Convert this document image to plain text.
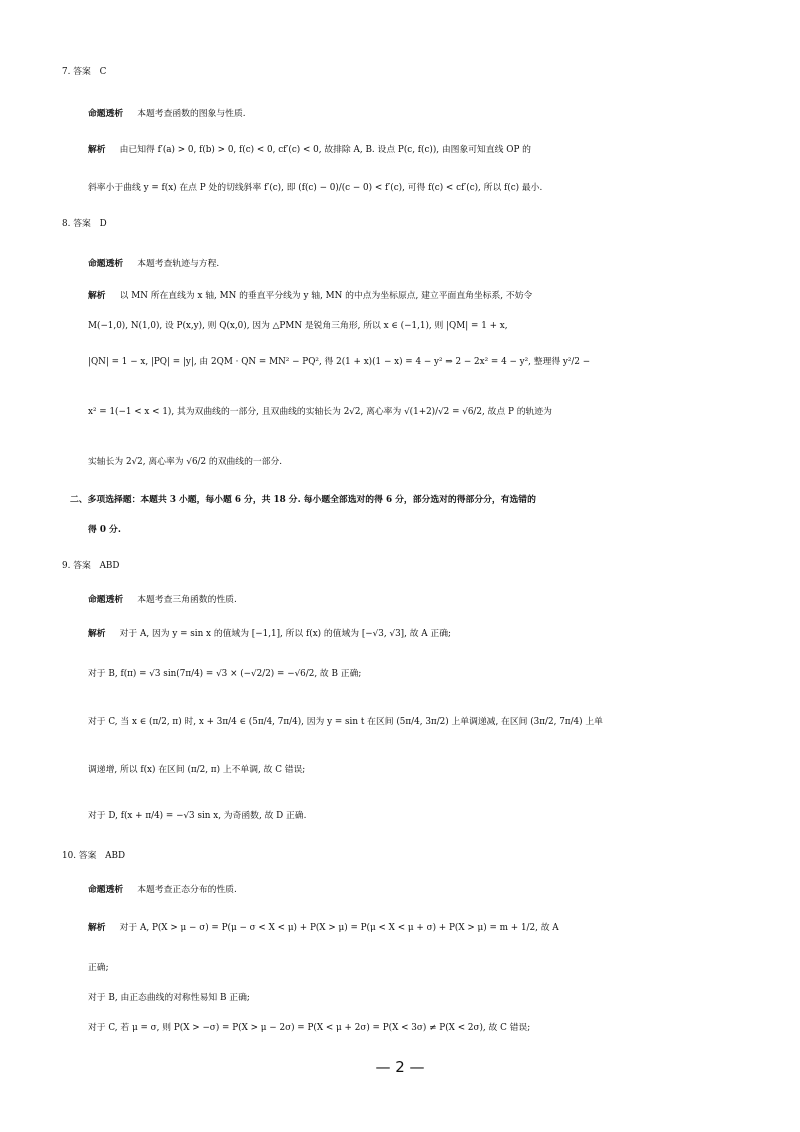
7. 答案　C
命题透析 本题考查函数的图象与性质.
解析 由已知得 f′(a) > 0, f(b) > 0, f(c) < 0, cf′(c) < 0, 故排除 A, B. 设点 P(c, f(c)), 由图象可知直线 OP 的
斜率小于曲线 y = f(x) 在点 P 处的切线斜率 f′(c), 即 (f(c) − 0)/(c − 0) < f′(c), 可得 f(c) < cf′(c), 所以 f(c) 最小.
8. 答案　D
命题透析 本题考查轨迹与方程.
解析 以 MN 所在直线为 x 轴, MN 的垂直平分线为 y 轴, MN 的中点为坐标原点, 建立平面直角坐标系, 不妨令
M(−1,0), N(1,0), 设 P(x,y), 则 Q(x,0), 因为 △PMN 是锐角三角形, 所以 x ∈ (−1,1), 则 |QM| = 1 + x,
|QN| = 1 − x, |PQ| = |y|, 由 2QM · QN = MN² − PQ², 得 2(1 + x)(1 − x) = 4 − y² ⇒ 2 − 2x² = 4 − y², 整理得 y²/2 −
x² = 1(−1 < x < 1), 其为双曲线的一部分, 且双曲线的实轴长为 2√2, 离心率为 √(1+2)/√2 = √6/2, 故点 P 的轨迹为
实轴长为 2√2, 离心率为 √6/2 的双曲线的一部分.
二、多项选择题：本题共 3 小题，每小题 6 分，共 18 分. 每小题全部选对的得 6 分，部分选对的得部分分，有选错的
得 0 分.
9. 答案　ABD
命题透析 本题考查三角函数的性质.
解析 对于 A, 因为 y = sin x 的值域为 [−1,1], 所以 f(x) 的值域为 [−√3, √3], 故 A 正确;
对于 B, f(π) = √3 sin(7π/4) = √3 × (−√2/2) = −√6/2, 故 B 正确;
对于 C, 当 x ∈ (π/2, π) 时, x + 3π/4 ∈ (5π/4, 7π/4), 因为 y = sin t 在区间 (5π/4, 3π/2) 上单调递减, 在区间 (3π/2, 7π/4) 上单
调递增, 所以 f(x) 在区间 (π/2, π) 上不单调, 故 C 错误;
对于 D, f(x + π/4) = −√3 sin x, 为奇函数, 故 D 正确.
10. 答案　ABD
命题透析 本题考查正态分布的性质.
解析 对于 A, P(X > μ − σ) = P(μ − σ < X < μ) + P(X > μ) = P(μ < X < μ + σ) + P(X > μ) = m + 1/2, 故 A
正确;
对于 B, 由正态曲线的对称性易知 B 正确;
对于 C, 若 μ = σ, 则 P(X > −σ) = P(X > μ − 2σ) = P(X < μ + 2σ) = P(X < 3σ) ≠ P(X < 2σ), 故 C 错误;
— 2 —
